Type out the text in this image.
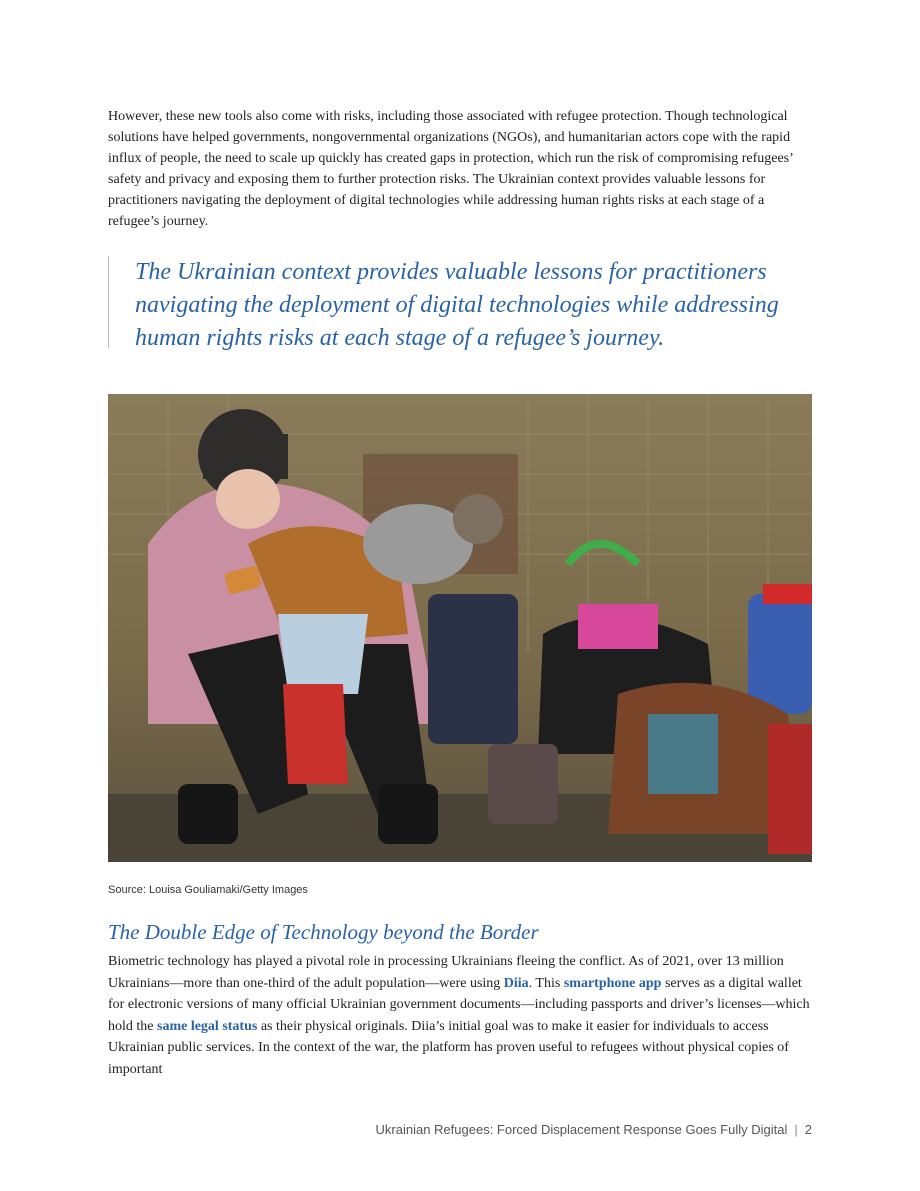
However, these new tools also come with risks, including those associated with refugee protection. Though technological solutions have helped governments, nongovernmental organizations (NGOs), and humanitarian actors cope with the rapid influx of people, the need to scale up quickly has created gaps in protection, which run the risk of compromising refugees’ safety and privacy and exposing them to further protection risks. The Ukrainian context provides valuable lessons for practitioners navigating the deployment of digital technologies while addressing human rights risks at each stage of a refugee’s journey.

The Ukrainian context provides valuable lessons for practitioners navigating the deployment of digital technologies while addressing human rights risks at each stage of a refugee’s journey.

Source: Louisa Gouliamaki/Getty Images
The Double Edge of Technology beyond the Border

Biometric technology has played a pivotal role in processing Ukrainians fleeing the conflict. As of 2021, over 13 million Ukrainians—more than one-third of the adult population—were using Diia. This smartphone app serves as a digital wallet for electronic versions of many official Ukrainian government documents—including passports and driver’s licenses—which hold the same legal status as their physical originals. Diia’s initial goal was to make it easier for individuals to access Ukrainian public services. In the context of the war, the platform has proven useful to refugees without physical copies of important

Ukrainian Refugees: Forced Displacement Response Goes Fully Digital | 2
